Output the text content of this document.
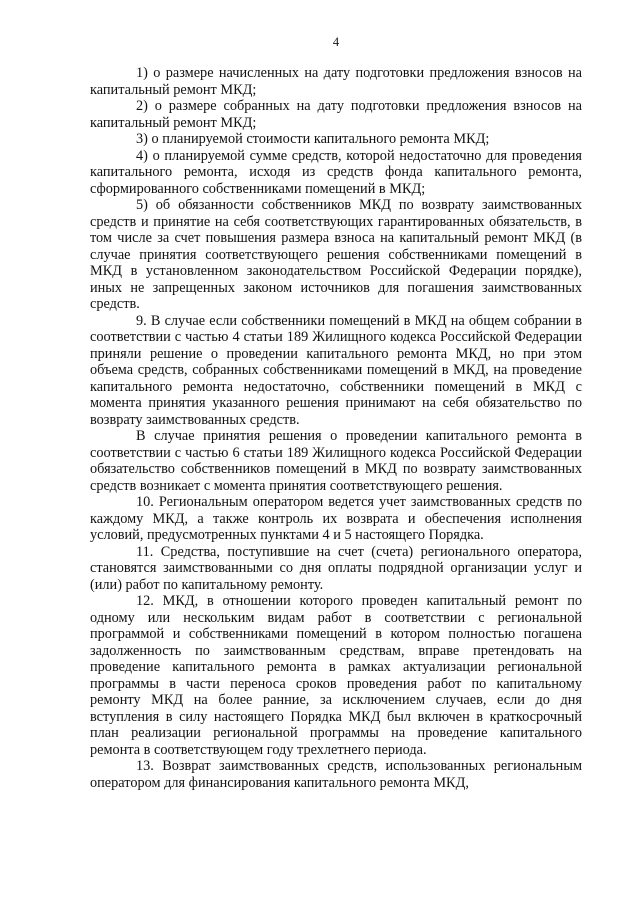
4

1) о размере начисленных на дату подготовки предложения взносов на капитальный ремонт МКД;

2) о размере собранных на дату подготовки предложения взносов на капитальный ремонт МКД;

3) о планируемой стоимости капитального ремонта МКД;

4) о планируемой сумме средств, которой недостаточно для проведения капитального ремонта, исходя из средств фонда капитального ремонта, сформированного собственниками помещений в МКД;

5) об обязанности собственников МКД по возврату заимствованных средств и принятие на себя соответствующих гарантированных обязательств, в том числе за счет повышения размера взноса на капитальный ремонт МКД (в случае принятия соответствующего решения собственниками помещений в МКД в установленном законодательством Российской Федерации порядке), иных не запрещенных законом источников для погашения заимствованных средств.

9. В случае если собственники помещений в МКД на общем собрании в соответствии с частью 4 статьи 189 Жилищного кодекса Российской Федерации приняли решение о проведении капитального ремонта МКД, но при этом объема средств, собранных собственниками помещений в МКД, на проведение капитального ремонта недостаточно, собственники помещений в МКД с момента принятия указанного решения принимают на себя обязательство по возврату заимствованных средств.

В случае принятия решения о проведении капитального ремонта в соответствии с частью 6 статьи 189 Жилищного кодекса Российской Федерации обязательство собственников помещений в МКД по возврату заимствованных средств возникает с момента принятия соответствующего решения.

10. Региональным оператором ведется учет заимствованных средств по каждому МКД, а также контроль их возврата и обеспечения исполнения условий, предусмотренных пунктами 4 и 5 настоящего Порядка.

11. Средства, поступившие на счет (счета) регионального оператора, становятся заимствованными со дня оплаты подрядной организации услуг и (или) работ по капитальному ремонту.

12. МКД, в отношении которого проведен капитальный ремонт по одному или нескольким видам работ в соответствии с региональной программой и собственниками помещений в котором полностью погашена задолженность по заимствованным средствам, вправе претендовать на проведение капитального ремонта в рамках актуализации региональной программы в части переноса сроков проведения работ по капитальному ремонту МКД на более ранние, за исключением случаев, если до дня вступления в силу настоящего Порядка МКД был включен в краткосрочный план реализации региональной программы на проведение капитального ремонта в соответствующем году трехлетнего периода.

13. Возврат заимствованных средств, использованных региональным оператором для финансирования капитального ремонта МКД,
